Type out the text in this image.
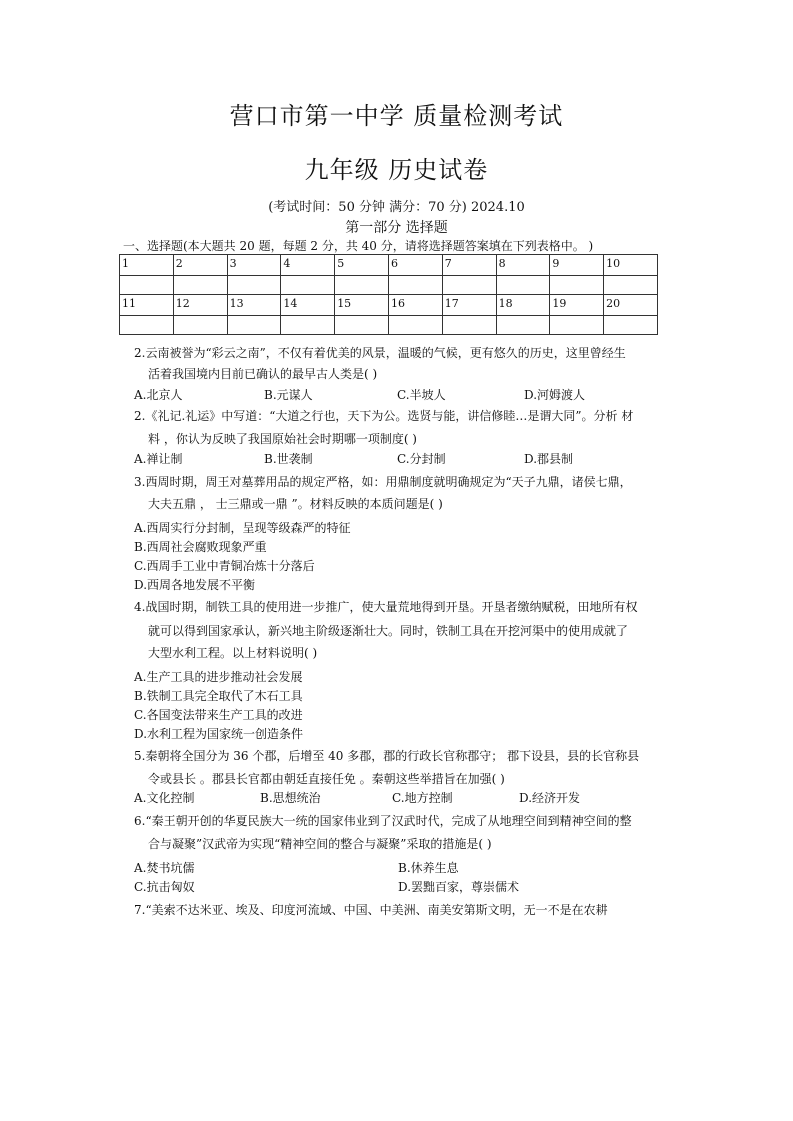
营口市第一中学 质量检测考试
九年级 历史试卷
(考试时间：50 分钟 满分：70 分) 2024.10
第一部分 选择题
一、选择题(本大题共 20 题，每题 2 分，共 40 分，请将选择题答案填在下列表格中。 )
1	2	3	4	5	6	7	8	9	10

11	12	13	14	15	16	17	18	19	20

2.云南被誉为“彩云之南”，不仅有着优美的风景，温暖的气候，更有悠久的历史，这里曾经生
活着我国境内目前已确认的最早古人类是( )
A.北京人	B.元谋人	C.半坡人	D.河姆渡人
2.《礼记.礼运》中写道：“大道之行也，天下为公。选贤与能，讲信修睦…是谓大同”。分析 材
料 ，你认为反映了我国原始社会时期哪一项制度( )
A.禅让制	B.世袭制	C.分封制	D.郡县制
3.西周时期，周王对墓葬用品的规定严格，如：用鼎制度就明确规定为“天子九鼎，诸侯七鼎，
大夫五鼎 ， 士三鼎或一鼎 ”。材料反映的本质问题是( )
A.西周实行分封制，呈现等级森严的特征
B.西周社会腐败现象严重
C.西周手工业中青铜冶炼十分落后
D.西周各地发展不平衡
4.战国时期，制铁工具的使用进一步推广，使大量荒地得到开垦。开垦者缴纳赋税，田地所有权
就可以得到国家承认，新兴地主阶级逐渐壮大。同时，铁制工具在开挖河渠中的使用成就了
大型水利工程。以上材料说明( )
A.生产工具的进步推动社会发展
B.铁制工具完全取代了木石工具
C.各国变法带来生产工具的改进
D.水利工程为国家统一创造条件
5.秦朝将全国分为 36 个郡，后增至 40 多郡，郡的行政长官称郡守； 郡下设县，县的长官称县
令或县长 。郡县长官都由朝廷直接任免 。秦朝这些举措旨在加强( )
A.文化控制	B.思想统治	C.地方控制	D.经济开发
6.“秦王朝开创的华夏民族大一统的国家伟业到了汉武时代，完成了从地理空间到精神空间的整
合与凝聚”汉武帝为实现“精神空间的整合与凝聚”采取的措施是( )
A.焚书坑儒	B.休养生息
C.抗击匈奴	D.罢黜百家，尊崇儒术
7.“美索不达米亚、埃及、印度河流域、中国、中美洲、南美安第斯文明，无一不是在农耕
